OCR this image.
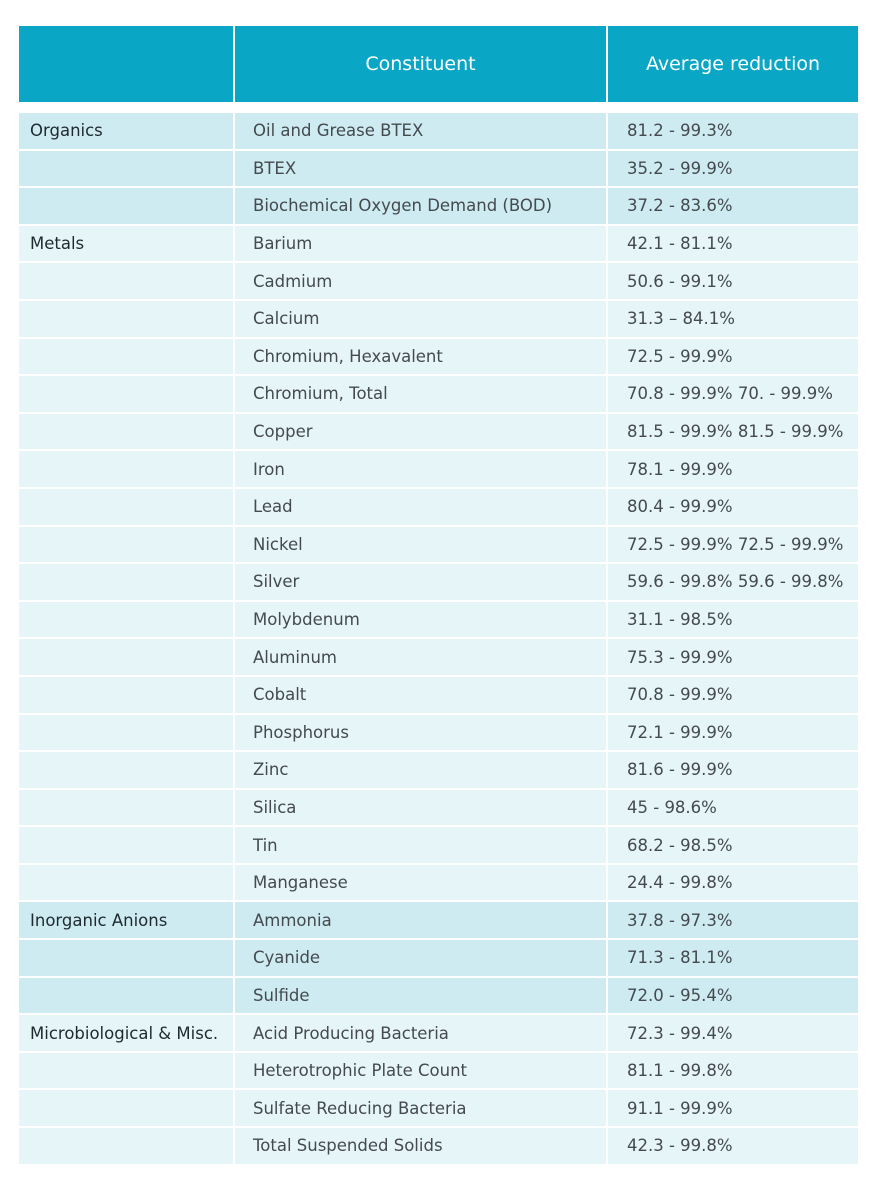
	Constituent	Average reduction
Organics	Oil and Grease BTEX	81.2 - 99.3%
	BTEX	35.2 - 99.9%
	Biochemical Oxygen Demand (BOD)	37.2 - 83.6%
Metals	Barium	42.1 - 81.1%
	Cadmium	50.6 - 99.1%
	Calcium	31.3 – 84.1%
	Chromium, Hexavalent	72.5 - 99.9%
	Chromium, Total	70.8 - 99.9% 70. - 99.9%
	Copper	81.5 - 99.9% 81.5 - 99.9%
	Iron	78.1 - 99.9%
	Lead	80.4 - 99.9%
	Nickel	72.5 - 99.9% 72.5 - 99.9%
	Silver	59.6 - 99.8% 59.6 - 99.8%
	Molybdenum	31.1 - 98.5%
	Aluminum	75.3 - 99.9%
	Cobalt	70.8 - 99.9%
	Phosphorus	72.1 - 99.9%
	Zinc	81.6 - 99.9%
	Silica	45 - 98.6%
	Tin	68.2 - 98.5%
	Manganese	24.4 - 99.8%
Inorganic Anions	Ammonia	37.8 - 97.3%
	Cyanide	71.3 - 81.1%
	Sulfide	72.0 - 95.4%
Microbiological & Misc.	Acid Producing Bacteria	72.3 - 99.4%
	Heterotrophic Plate Count	81.1 - 99.8%
	Sulfate Reducing Bacteria	91.1 - 99.9%
	Total Suspended Solids	42.3 - 99.8%
